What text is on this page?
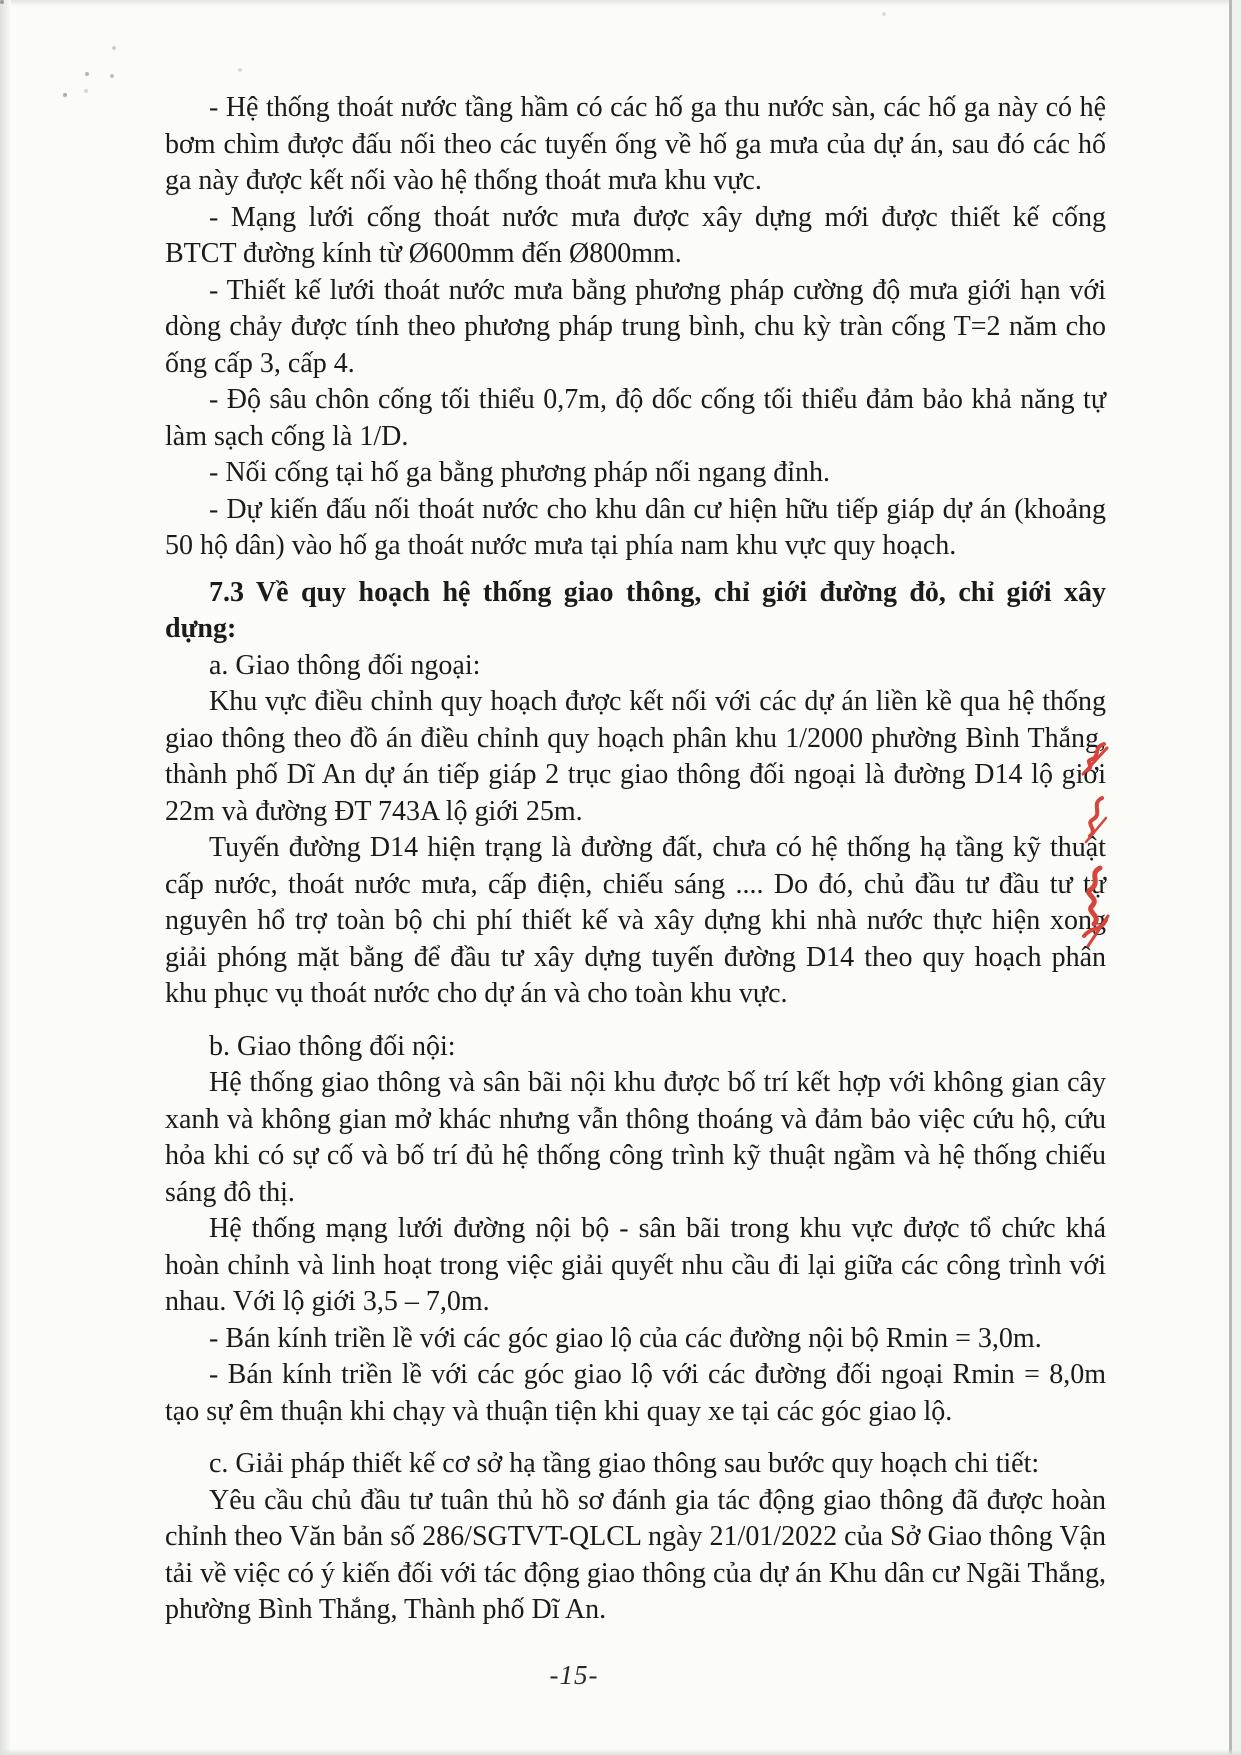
- Hệ thống thoát nước tầng hầm có các hố ga thu nước sàn, các hố ga này có hệ bơm chìm được đấu nối theo các tuyến ống về hố ga mưa của dự án, sau đó các hố ga này được kết nối vào hệ thống thoát mưa khu vực.

- Mạng lưới cống thoát nước mưa được xây dựng mới được thiết kế cống BTCT đường kính từ Ø600mm đến Ø800mm.

- Thiết kế lưới thoát nước mưa bằng phương pháp cường độ mưa giới hạn với dòng chảy được tính theo phương pháp trung bình, chu kỳ tràn cống T=2 năm cho ống cấp 3, cấp 4.

- Độ sâu chôn cống tối thiểu 0,7m, độ dốc cống tối thiểu đảm bảo khả năng tự làm sạch cống là 1/D.

- Nối cống tại hố ga bằng phương pháp nối ngang đỉnh.

- Dự kiến đấu nối thoát nước cho khu dân cư hiện hữu tiếp giáp dự án (khoảng 50 hộ dân) vào hố ga thoát nước mưa tại phía nam khu vực quy hoạch.

7.3 Về quy hoạch hệ thống giao thông, chỉ giới đường đỏ, chỉ giới xây dựng:

a. Giao thông đối ngoại:

Khu vực điều chỉnh quy hoạch được kết nối với các dự án liền kề qua hệ thống giao thông theo đồ án điều chỉnh quy hoạch phân khu 1/2000 phường Bình Thắng, thành phố Dĩ An dự án tiếp giáp 2 trục giao thông đối ngoại là đường D14 lộ giới 22m và đường ĐT 743A lộ giới 25m.

Tuyến đường D14 hiện trạng là đường đất, chưa có hệ thống hạ tầng kỹ thuật cấp nước, thoát nước mưa, cấp điện, chiếu sáng .... Do đó, chủ đầu tư đầu tư tự nguyên hổ trợ toàn bộ chi phí thiết kế và xây dựng khi nhà nước thực hiện xong giải phóng mặt bằng để đầu tư xây dựng tuyến đường D14 theo quy hoạch phân khu phục vụ thoát nước cho dự án và cho toàn khu vực.

b. Giao thông đối nội:

Hệ thống giao thông và sân bãi nội khu được bố trí kết hợp với không gian cây xanh và không gian mở khác nhưng vẫn thông thoáng và đảm bảo việc cứu hộ, cứu hỏa khi có sự cố và bố trí đủ hệ thống công trình kỹ thuật ngầm và hệ thống chiếu sáng đô thị.

Hệ thống mạng lưới đường nội bộ - sân bãi trong khu vực được tổ chức khá hoàn chỉnh và linh hoạt trong việc giải quyết nhu cầu đi lại giữa các công trình với nhau. Với lộ giới 3,5 – 7,0m.

- Bán kính triền lề với các góc giao lộ của các đường nội bộ Rmin = 3,0m.

- Bán kính triền lề với các góc giao lộ với các đường đối ngoại Rmin = 8,0m tạo sự êm thuận khi chạy và thuận tiện khi quay xe tại các góc giao lộ.

c. Giải pháp thiết kế cơ sở hạ tầng giao thông sau bước quy hoạch chi tiết:

Yêu cầu chủ đầu tư tuân thủ hồ sơ đánh gia tác động giao thông đã được hoàn chỉnh theo Văn bản số 286/SGTVT-QLCL ngày 21/01/2022 của Sở Giao thông Vận tải về việc có ý kiến đối với tác động giao thông của dự án Khu dân cư Ngãi Thắng, phường Bình Thắng, Thành phố Dĩ An.

-15-
